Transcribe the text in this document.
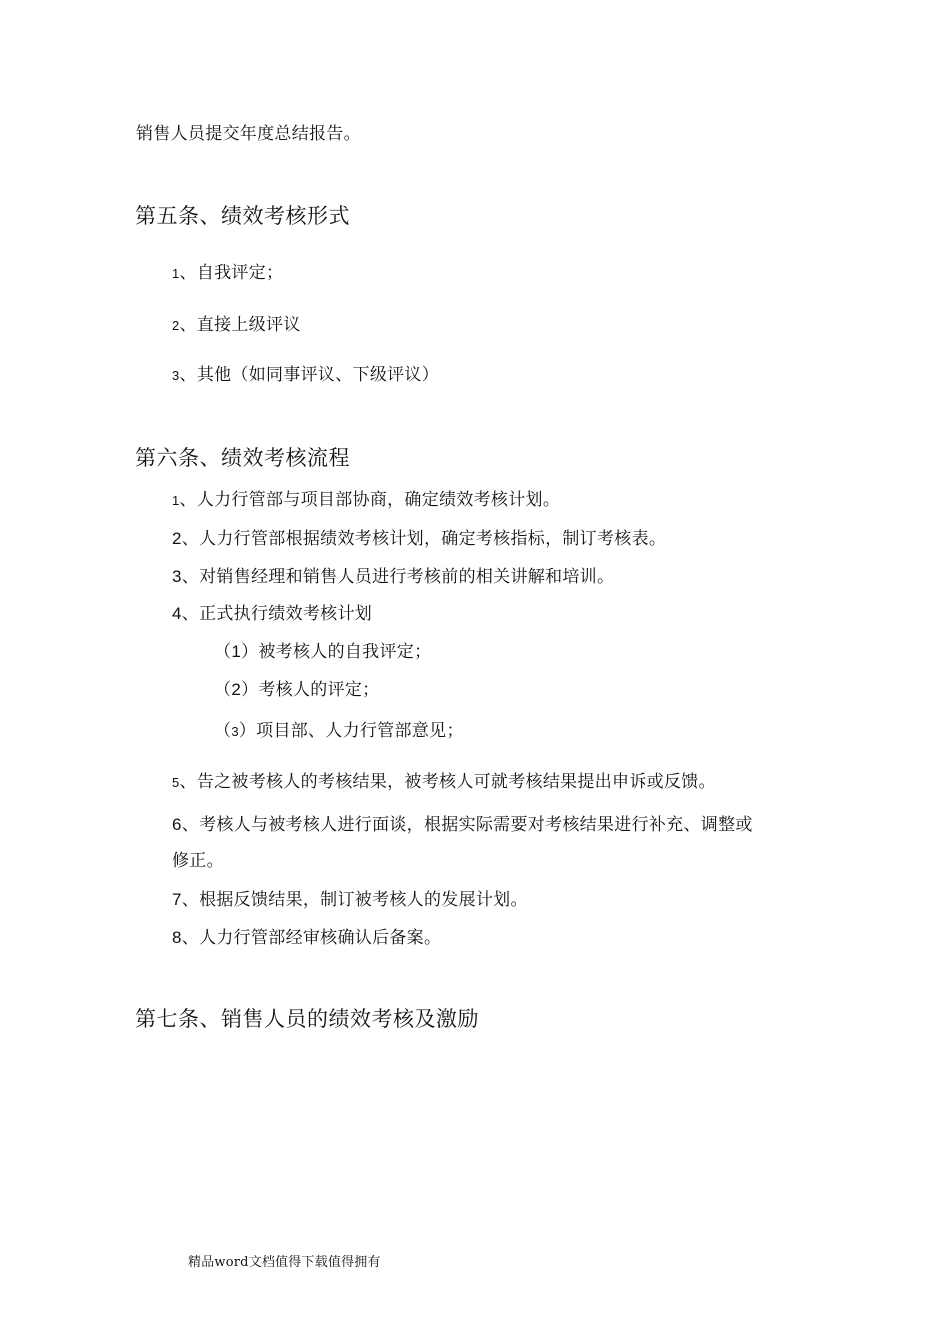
销售人员提交年度总结报告。
第五条、绩效考核形式
1、自我评定；
2、直接上级评议
3、其他（如同事评议、下级评议）
第六条、绩效考核流程
1、人力行管部与项目部协商，确定绩效考核计划。
2、人力行管部根据绩效考核计划，确定考核指标，制订考核表。
3、对销售经理和销售人员进行考核前的相关讲解和培训。
4、正式执行绩效考核计划
（1）被考核人的自我评定；
（2）考核人的评定；
（3）项目部、人力行管部意见；
5、告之被考核人的考核结果，被考核人可就考核结果提出申诉或反馈。
6、考核人与被考核人进行面谈，根据实际需要对考核结果进行补充、调整或
修正。
7、根据反馈结果，制订被考核人的发展计划。
8、人力行管部经审核确认后备案。
第七条、销售人员的绩效考核及激励
精品word文档值得下载值得拥有
